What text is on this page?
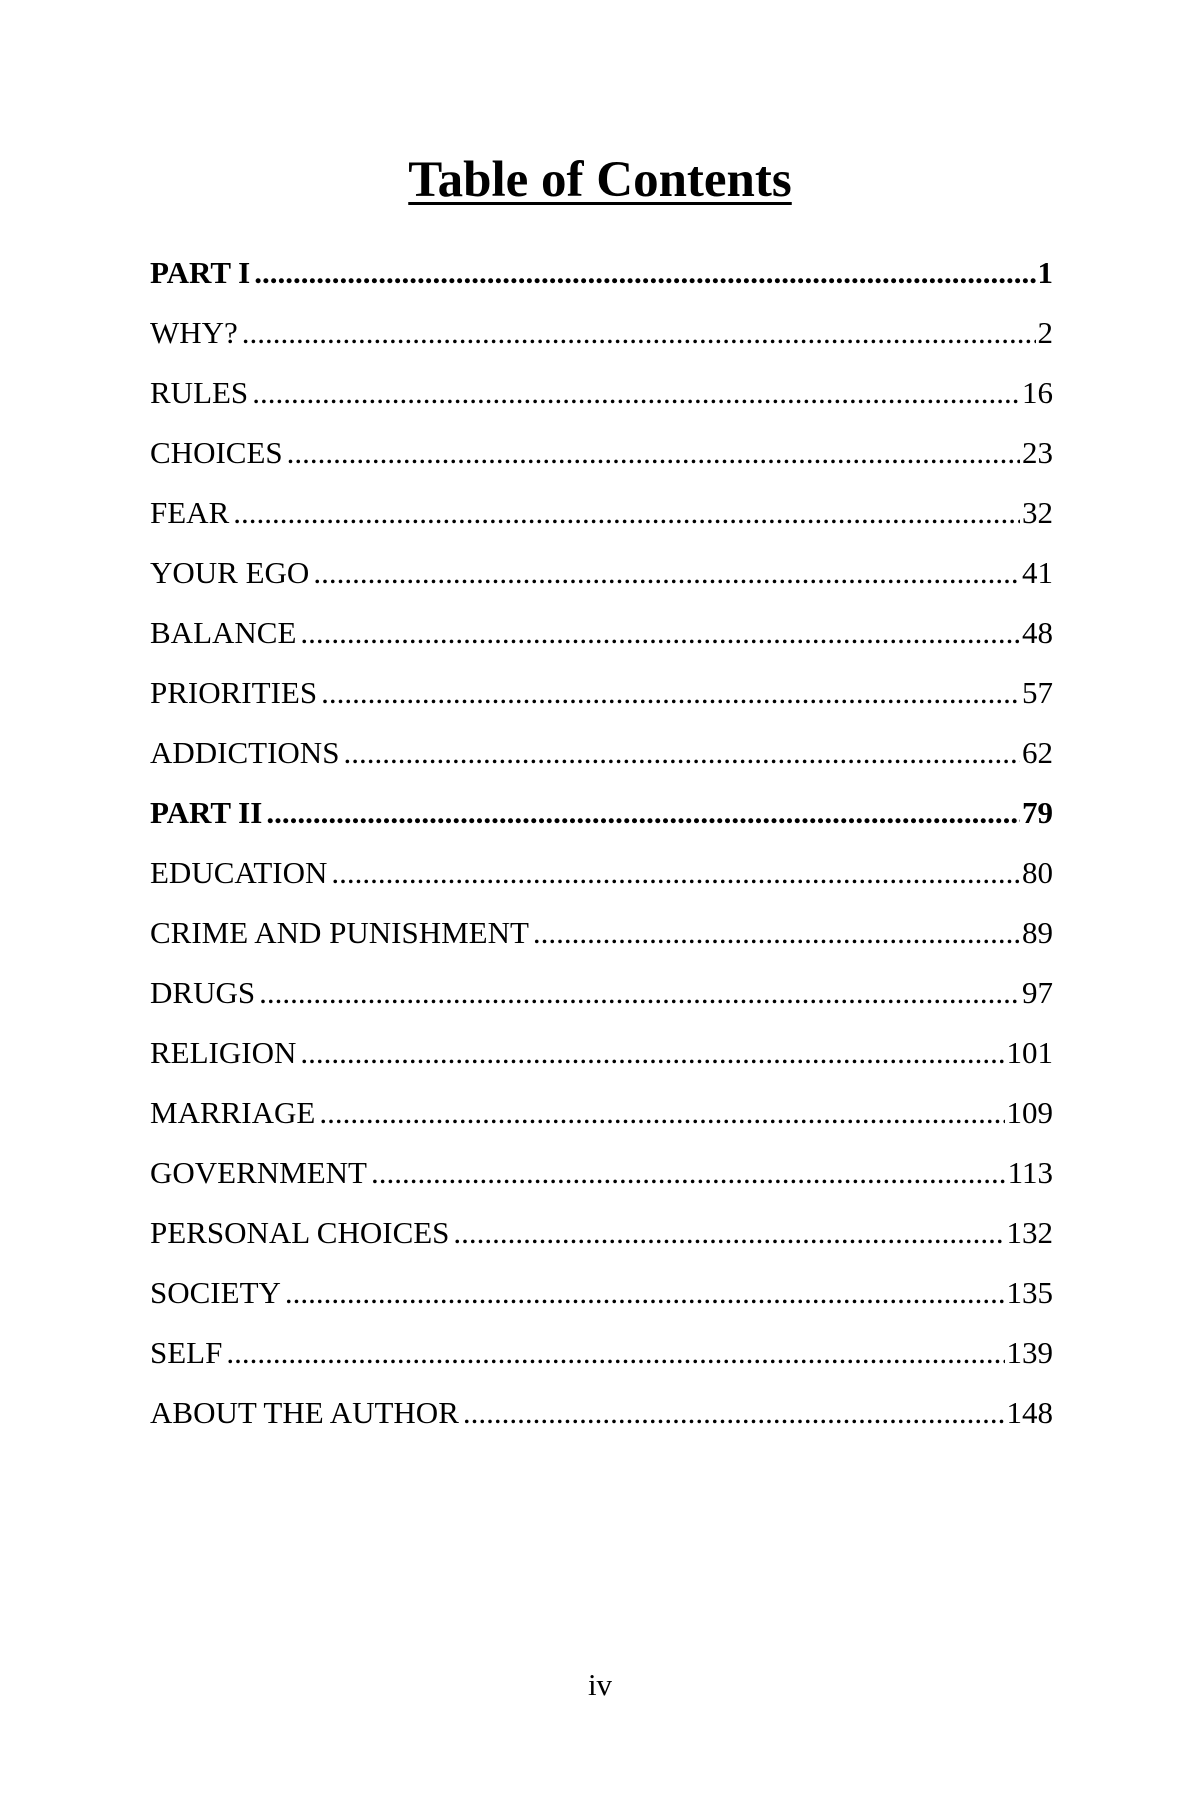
Table of Contents
PART I .....	1
WHY? .....	2
RULES .....	16
CHOICES .....	23
FEAR .....	32
YOUR EGO .....	41
BALANCE .....	48
PRIORITIES .....	57
ADDICTIONS .....	62
PART II .....	79
EDUCATION .....	80
CRIME AND PUNISHMENT .....	89
DRUGS .....	97
RELIGION .....	101
MARRIAGE .....	109
GOVERNMENT .....	113
PERSONAL CHOICES .....	132
SOCIETY .....	135
SELF .....	139
ABOUT THE AUTHOR .....	148
iv
